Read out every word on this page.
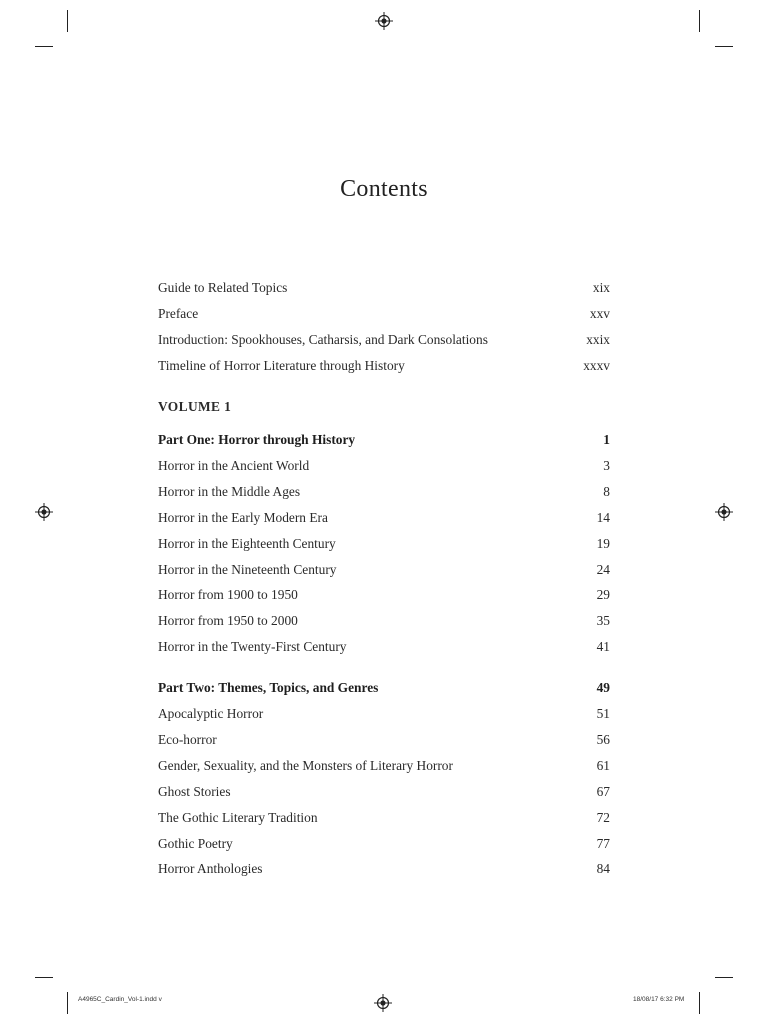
Contents
Guide to Related Topics	xix
Preface	xxv
Introduction: Spookhouses, Catharsis, and Dark Consolations	xxix
Timeline of Horror Literature through History	xxxv
VOLUME 1
Part One: Horror through History	1
Horror in the Ancient World	3
Horror in the Middle Ages	8
Horror in the Early Modern Era	14
Horror in the Eighteenth Century	19
Horror in the Nineteenth Century	24
Horror from 1900 to 1950	29
Horror from 1950 to 2000	35
Horror in the Twenty-First Century	41
Part Two: Themes, Topics, and Genres	49
Apocalyptic Horror	51
Eco-horror	56
Gender, Sexuality, and the Monsters of Literary Horror	61
Ghost Stories	67
The Gothic Literary Tradition	72
Gothic Poetry	77
Horror Anthologies	84
A4965C_Cardin_Vol-1.indd v	18/08/17 6:32 PM
